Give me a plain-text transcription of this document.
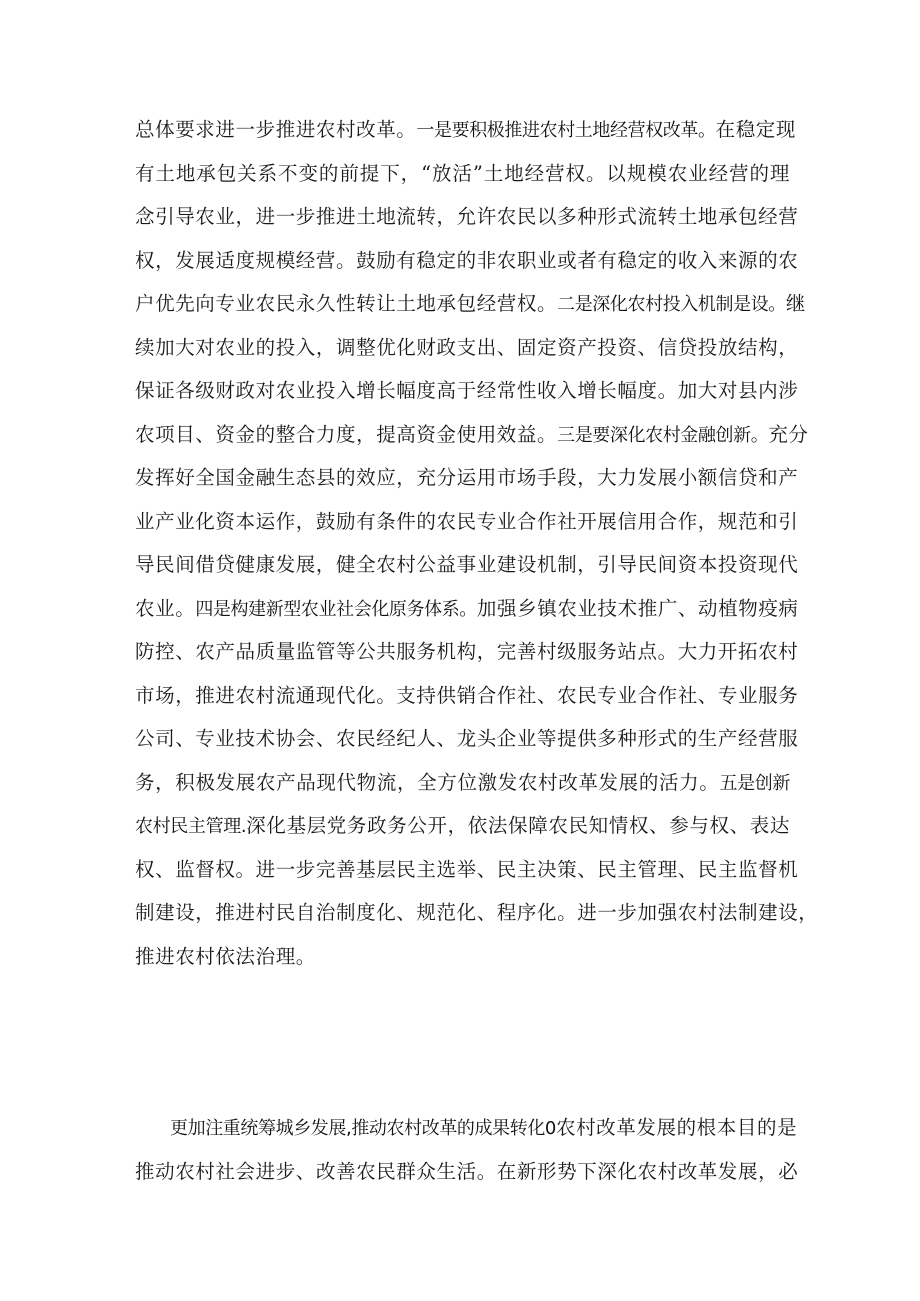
总体要求进一步推进农村改革。一是要积极推进农村土地经营权改革。在稳定现
有土地承包关系不变的前提下，“放活”土地经营权。以规模农业经营的理
念引导农业，进一步推进土地流转，允许农民以多种形式流转土地承包经营
权，发展适度规模经营。鼓励有稳定的非农职业或者有稳定的收入来源的农
户优先向专业农民永久性转让土地承包经营权。二是深化农村投入机制是设。继
续加大对农业的投入，调整优化财政支出、固定资产投资、信贷投放结构，
保证各级财政对农业投入增长幅度高于经常性收入增长幅度。加大对县内涉
农项目、资金的整合力度，提高资金使用效益。三是要深化农村金融创新。充分
发挥好全国金融生态县的效应，充分运用市场手段，大力发展小额信贷和产
业产业化资本运作，鼓励有条件的农民专业合作社开展信用合作，规范和引
导民间借贷健康发展，健全农村公益事业建设机制，引导民间资本投资现代
农业。四是构建新型农业社会化原务体系。加强乡镇农业技术推广、动植物疫病
防控、农产品质量监管等公共服务机构，完善村级服务站点。大力开拓农村
市场，推进农村流通现代化。支持供销合作社、农民专业合作社、专业服务
公司、专业技术协会、农民经纪人、龙头企业等提供多种形式的生产经营服
务，积极发展农产品现代物流，全方位激发农村改革发展的活力。五是创新
农村民主管理.深化基层党务政务公开，依法保障农民知情权、参与权、表达
权、监督权。进一步完善基层民主选举、民主决策、民主管理、民主监督机
制建设，推进村民自治制度化、规范化、程序化。进一步加强农村法制建设，
推进农村依法治理。
更加注重统筹城乡发展,推动农村改革的成果转化0农村改革发展的根本目的是
推动农村社会进步、改善农民群众生活。在新形势下深化农村改革发展，必
